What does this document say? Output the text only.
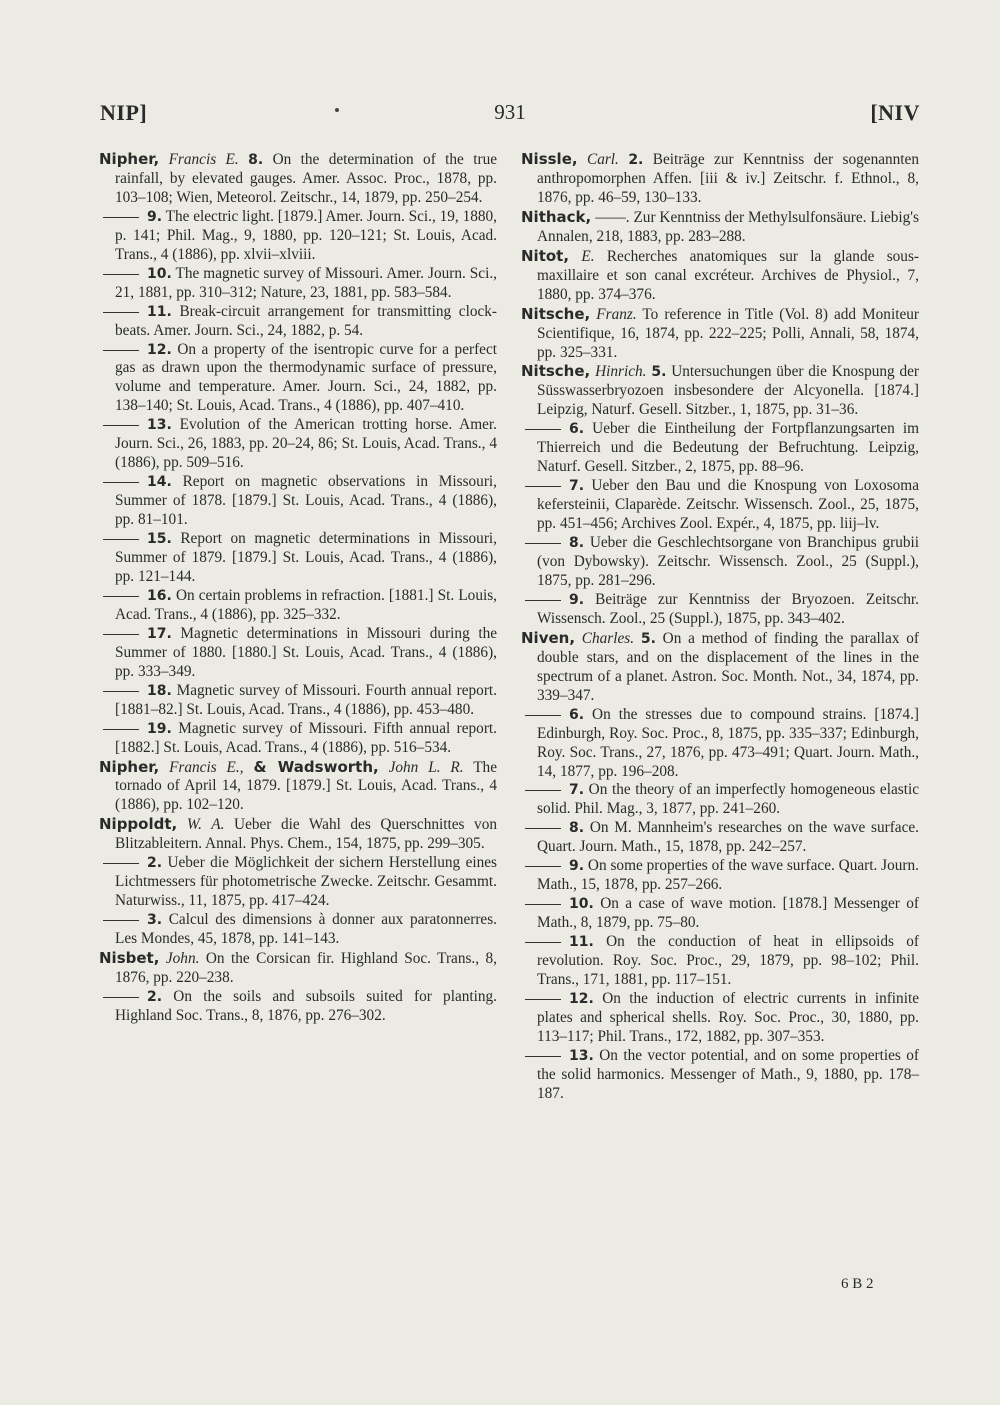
NIP]	931	[NIV

Nipher, Francis E. 8. On the determination of the true rainfall, by elevated gauges. Amer. Assoc. Proc., 1878, pp. 103–108; Wien, Meteorol. Zeitschr., 14, 1879, pp. 250–254.

9. The electric light. [1879.] Amer. Journ. Sci., 19, 1880, p. 141; Phil. Mag., 9, 1880, pp. 120–121; St. Louis, Acad. Trans., 4 (1886), pp. xlvii–xlviii.

10. The magnetic survey of Missouri. Amer. Journ. Sci., 21, 1881, pp. 310–312; Nature, 23, 1881, pp. 583–584.

11. Break-circuit arrangement for transmitting clock-beats. Amer. Journ. Sci., 24, 1882, p. 54.

12. On a property of the isentropic curve for a perfect gas as drawn upon the thermodynamic surface of pressure, volume and temperature. Amer. Journ. Sci., 24, 1882, pp. 138–140; St. Louis, Acad. Trans., 4 (1886), pp. 407–410.

13. Evolution of the American trotting horse. Amer. Journ. Sci., 26, 1883, pp. 20–24, 86; St. Louis, Acad. Trans., 4 (1886), pp. 509–516.

14. Report on magnetic observations in Missouri, Summer of 1878. [1879.] St. Louis, Acad. Trans., 4 (1886), pp. 81–101.

15. Report on magnetic determinations in Missouri, Summer of 1879. [1879.] St. Louis, Acad. Trans., 4 (1886), pp. 121–144.

16. On certain problems in refraction. [1881.] St. Louis, Acad. Trans., 4 (1886), pp. 325–332.

17. Magnetic determinations in Missouri during the Summer of 1880. [1880.] St. Louis, Acad. Trans., 4 (1886), pp. 333–349.

18. Magnetic survey of Missouri. Fourth annual report. [1881–82.] St. Louis, Acad. Trans., 4 (1886), pp. 453–480.

19. Magnetic survey of Missouri. Fifth annual report. [1882.] St. Louis, Acad. Trans., 4 (1886), pp. 516–534.

Nipher, Francis E., & Wadsworth, John L. R. The tornado of April 14, 1879. [1879.] St. Louis, Acad. Trans., 4 (1886), pp. 102–120.

Nippoldt, W. A. Ueber die Wahl des Querschnittes von Blitzableitern. Annal. Phys. Chem., 154, 1875, pp. 299–305.

2. Ueber die Möglichkeit der sichern Herstellung eines Lichtmessers für photometrische Zwecke. Zeitschr. Gesammt. Naturwiss., 11, 1875, pp. 417–424.

3. Calcul des dimensions à donner aux paratonnerres. Les Mondes, 45, 1878, pp. 141–143.

Nisbet, John. On the Corsican fir. Highland Soc. Trans., 8, 1876, pp. 220–238.

2. On the soils and subsoils suited for planting. Highland Soc. Trans., 8, 1876, pp. 276–302.

Nissle, Carl. 2. Beiträge zur Kenntniss der sogenannten anthropomorphen Affen. [iii & iv.] Zeitschr. f. Ethnol., 8, 1876, pp. 46–59, 130–133.

Nithack, ——. Zur Kenntniss der Methylsulfonsäure. Liebig's Annalen, 218, 1883, pp. 283–288.

Nitot, E. Recherches anatomiques sur la glande sous-maxillaire et son canal excréteur. Archives de Physiol., 7, 1880, pp. 374–376.

Nitsche, Franz. To reference in Title (Vol. 8) add Moniteur Scientifique, 16, 1874, pp. 222–225; Polli, Annali, 58, 1874, pp. 325–331.

Nitsche, Hinrich. 5. Untersuchungen über die Knospung der Süsswasserbryozoen insbesondere der Alcyonella. [1874.] Leipzig, Naturf. Gesell. Sitzber., 1, 1875, pp. 31–36.

6. Ueber die Eintheilung der Fortpflanzungsarten im Thierreich und die Bedeutung der Befruchtung. Leipzig, Naturf. Gesell. Sitzber., 2, 1875, pp. 88–96.

7. Ueber den Bau und die Knospung von Loxosoma kefersteinii, Claparède. Zeitschr. Wissensch. Zool., 25, 1875, pp. 451–456; Archives Zool. Expér., 4, 1875, pp. liij–lv.

8. Ueber die Geschlechtsorgane von Branchipus grubii (von Dybowsky). Zeitschr. Wissensch. Zool., 25 (Suppl.), 1875, pp. 281–296.

9. Beiträge zur Kenntniss der Bryozoen. Zeitschr. Wissensch. Zool., 25 (Suppl.), 1875, pp. 343–402.

Niven, Charles. 5. On a method of finding the parallax of double stars, and on the displacement of the lines in the spectrum of a planet. Astron. Soc. Month. Not., 34, 1874, pp. 339–347.

6. On the stresses due to compound strains. [1874.] Edinburgh, Roy. Soc. Proc., 8, 1875, pp. 335–337; Edinburgh, Roy. Soc. Trans., 27, 1876, pp. 473–491; Quart. Journ. Math., 14, 1877, pp. 196–208.

7. On the theory of an imperfectly homogeneous elastic solid. Phil. Mag., 3, 1877, pp. 241–260.

8. On M. Mannheim's researches on the wave surface. Quart. Journ. Math., 15, 1878, pp. 242–257.

9. On some properties of the wave surface. Quart. Journ. Math., 15, 1878, pp. 257–266.

10. On a case of wave motion. [1878.] Messenger of Math., 8, 1879, pp. 75–80.

11. On the conduction of heat in ellipsoids of revolution. Roy. Soc. Proc., 29, 1879, pp. 98–102; Phil. Trans., 171, 1881, pp. 117–151.

12. On the induction of electric currents in infinite plates and spherical shells. Roy. Soc. Proc., 30, 1880, pp. 113–117; Phil. Trans., 172, 1882, pp. 307–353.

13. On the vector potential, and on some properties of the solid harmonics. Messenger of Math., 9, 1880, pp. 178–187.

6 B 2
